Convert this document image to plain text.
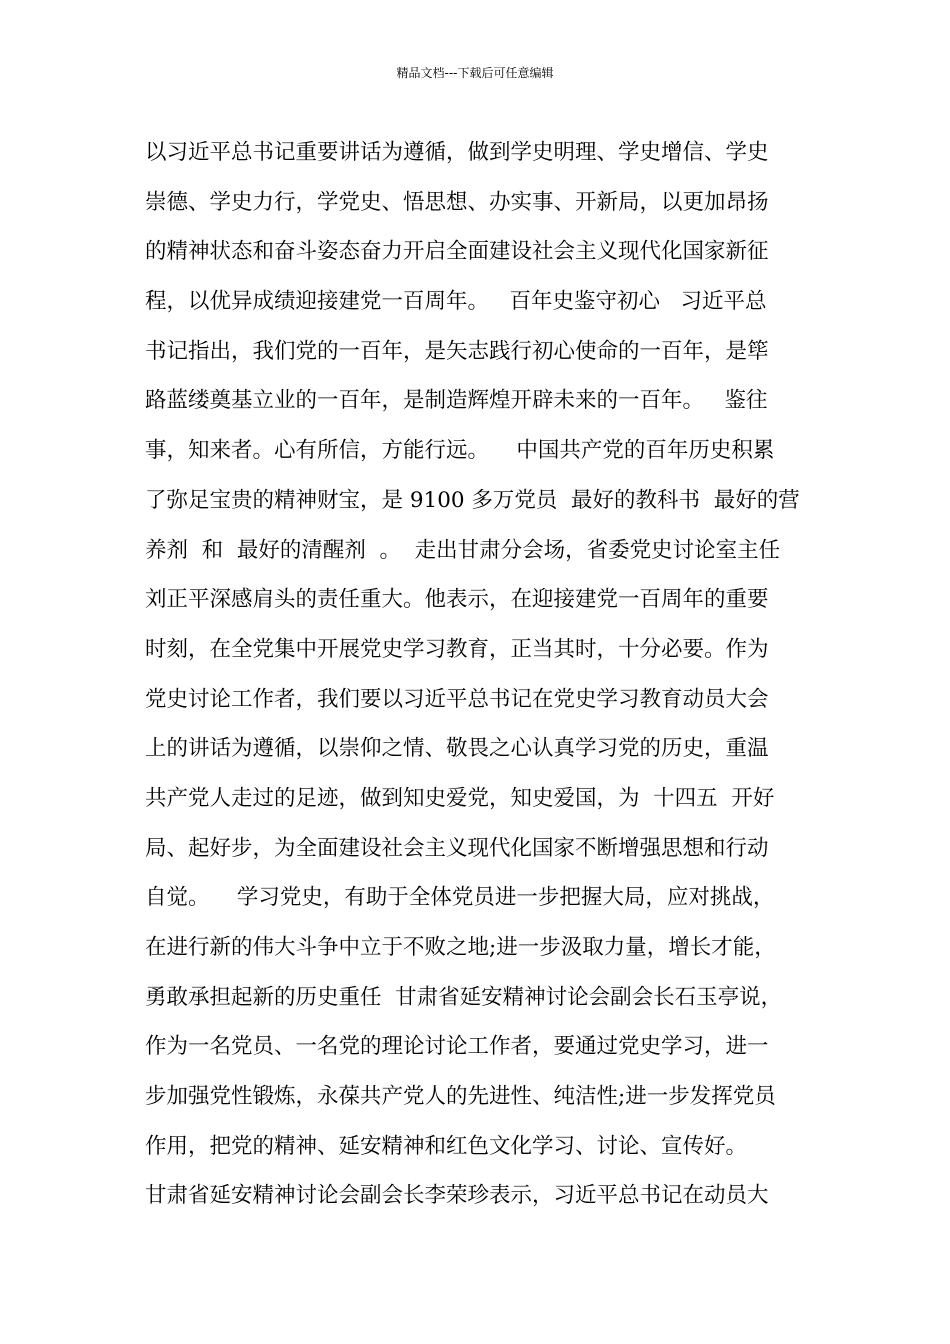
精品文档---下载后可任意编辑
以习近平总书记重要讲话为遵循，做到学史明理、学史增信、学史
崇德、学史力行，学党史、悟思想、办实事、开新局，以更加昂扬
的精神状态和奋斗姿态奋力开启全面建设社会主义现代化国家新征
程，以优异成绩迎接建党一百周年。   百年史鉴守初心   习近平总
书记指出，我们党的一百年，是矢志践行初心使命的一百年，是筚
路蓝缕奠基立业的一百年，是制造辉煌开辟未来的一百年。   鉴往
事，知来者。心有所信，方能行远。    中国共产党的百年历史积累
了弥足宝贵的精神财宝，是 9100 多万党员  最好的教科书  最好的营
养剂  和  最好的清醒剂  。  走出甘肃分会场，省委党史讨论室主任
刘正平深感肩头的责任重大。他表示，在迎接建党一百周年的重要
时刻，在全党集中开展党史学习教育，正当其时，十分必要。作为
党史讨论工作者，我们要以习近平总书记在党史学习教育动员大会
上的讲话为遵循，以崇仰之情、敬畏之心认真学习党的历史，重温
共产党人走过的足迹，做到知史爱党，知史爱国，为  十四五  开好
局、起好步，为全面建设社会主义现代化国家不断增强思想和行动
自觉。    学习党史，有助于全体党员进一步把握大局，应对挑战，
在进行新的伟大斗争中立于不败之地;进一步汲取力量，增长才能，
勇敢承担起新的历史重任  甘肃省延安精神讨论会副会长石玉亭说，
作为一名党员、一名党的理论讨论工作者，要通过党史学习，进一
步加强党性锻炼，永葆共产党人的先进性、纯洁性;进一步发挥党员
作用，把党的精神、延安精神和红色文化学习、讨论、宣传好。
甘肃省延安精神讨论会副会长李荣珍表示，习近平总书记在动员大
